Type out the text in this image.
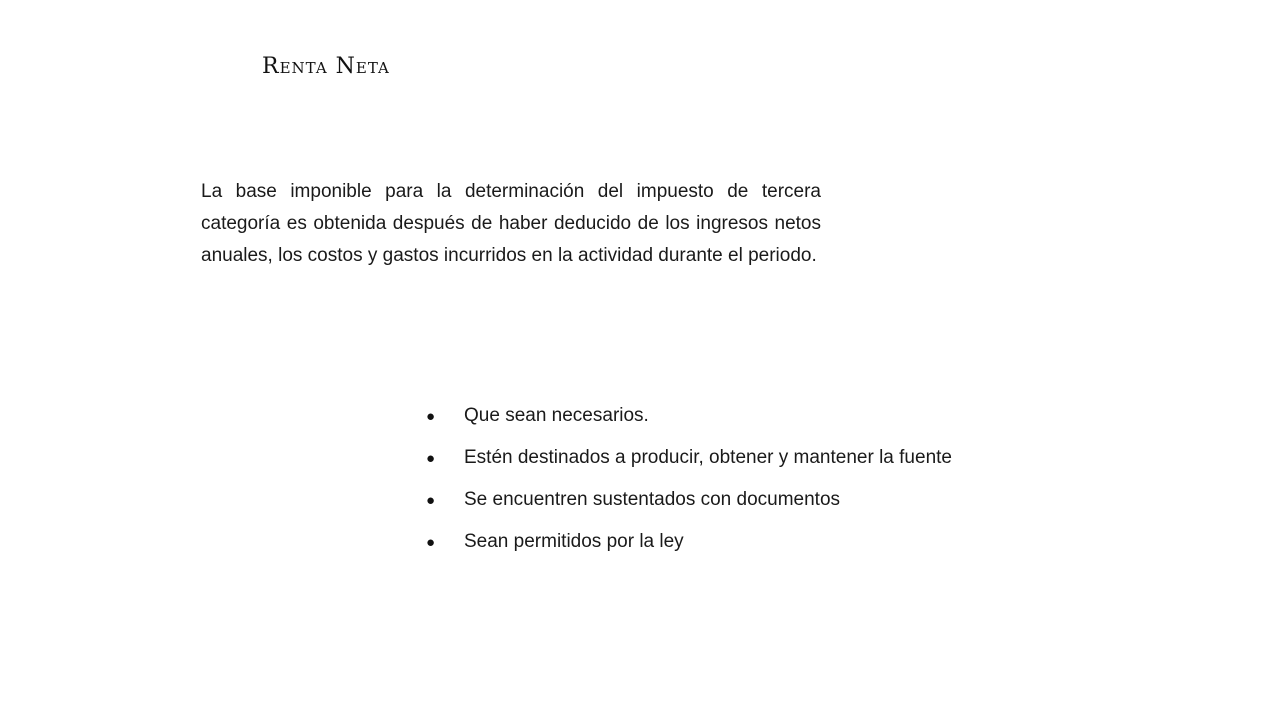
Renta Neta

La base imponible para la determinación del impuesto de tercera categoría es obtenida después de haber deducido de los ingresos netos anuales, los costos y gastos incurridos en la actividad durante el periodo.

●	Que sean necesarios.
●	Estén destinados a producir, obtener y mantener la fuente
●	Se encuentren sustentados con documentos
●	Sean permitidos por la ley
